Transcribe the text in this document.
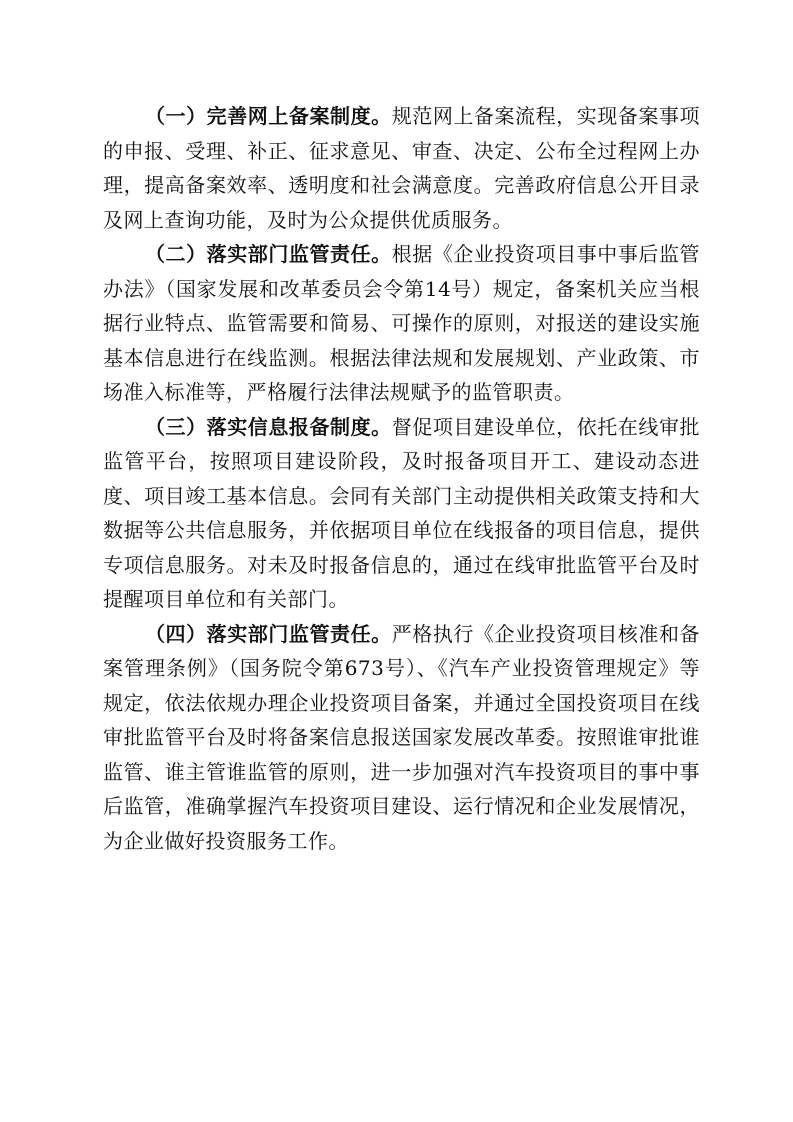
（一）完善网上备案制度。规范网上备案流程，实现备案事项的申报、受理、补正、征求意见、审查、决定、公布全过程网上办理，提高备案效率、透明度和社会满意度。完善政府信息公开目录及网上查询功能，及时为公众提供优质服务。

（二）落实部门监管责任。根据《企业投资项目事中事后监管办法》（国家发展和改革委员会令第14号）规定，备案机关应当根据行业特点、监管需要和简易、可操作的原则，对报送的建设实施基本信息进行在线监测。根据法律法规和发展规划、产业政策、市场准入标准等，严格履行法律法规赋予的监管职责。

（三）落实信息报备制度。督促项目建设单位，依托在线审批监管平台，按照项目建设阶段，及时报备项目开工、建设动态进度、项目竣工基本信息。会同有关部门主动提供相关政策支持和大数据等公共信息服务，并依据项目单位在线报备的项目信息，提供专项信息服务。对未及时报备信息的，通过在线审批监管平台及时提醒项目单位和有关部门。

（四）落实部门监管责任。严格执行《企业投资项目核准和备案管理条例》（国务院令第673号）、《汽车产业投资管理规定》等规定，依法依规办理企业投资项目备案，并通过全国投资项目在线审批监管平台及时将备案信息报送国家发展改革委。按照谁审批谁监管、谁主管谁监管的原则，进一步加强对汽车投资项目的事中事后监管，准确掌握汽车投资项目建设、运行情况和企业发展情况，为企业做好投资服务工作。
